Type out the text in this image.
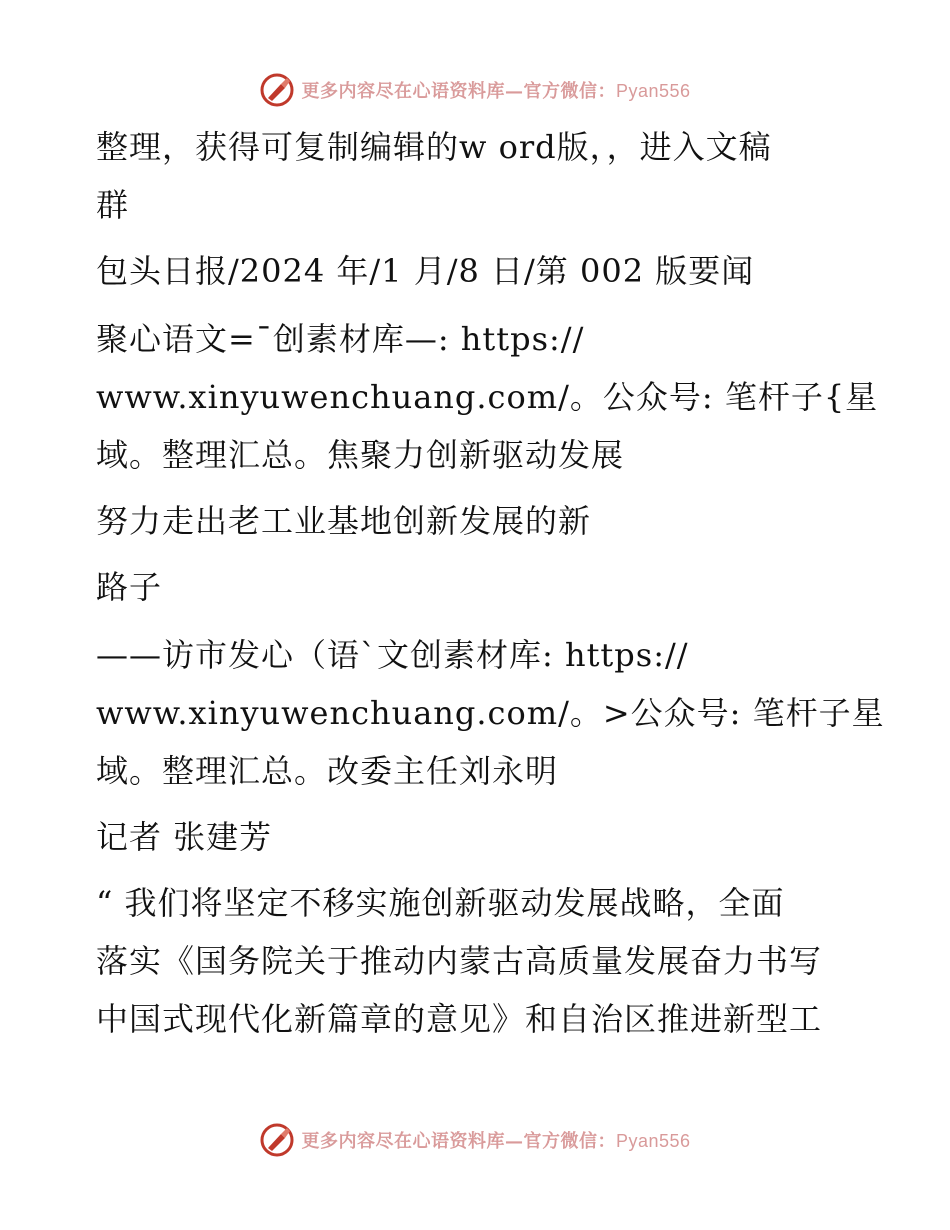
更多内容尽在心语资料库—官方微信：Pyan556
整理，获得可复制编辑的w ord版，，进入文稿
群
包头日报/2024 年/1 月/8 日/第 002 版要闻
聚心语文=¯创素材库—: https://
www.xinyuwenchuang.com/。公众号: 笔杆子{星
域。整理汇总。焦聚力创新驱动发展
努力走出老工业基地创新发展的新
路子
——访市发心（语`文创素材库: https://
www.xinyuwenchuang.com/。>公众号: 笔杆子星
域。整理汇总。改委主任刘永明
记者 张建芳
“ 我们将坚定不移实施创新驱动发展战略，全面
落实《国务院关于推动内蒙古高质量发展奋力书写
中国式现代化新篇章的意见》和自治区推进新型工
更多内容尽在心语资料库—官方微信：Pyan556
